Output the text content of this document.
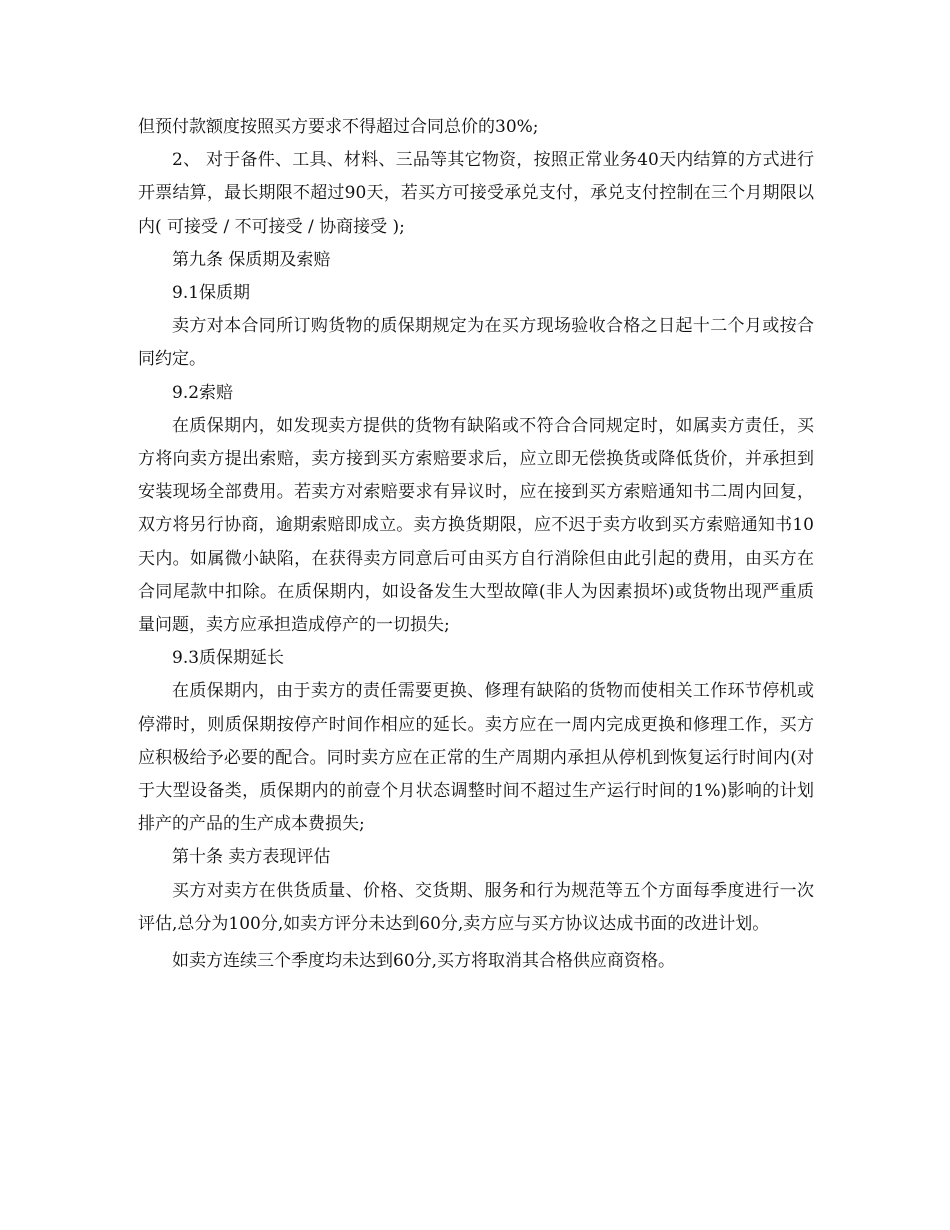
但预付款额度按照买方要求不得超过合同总价的30%;

2、 对于备件、工具、材料、三品等其它物资，按照正常业务40天内结算的方式进行开票结算，最长期限不超过90天，若买方可接受承兑支付，承兑支付控制在三个月期限以内( 可接受 / 不可接受 / 协商接受 );

第九条 保质期及索赔

9.1保质期

卖方对本合同所订购货物的质保期规定为在买方现场验收合格之日起十二个月或按合同约定。

9.2索赔

在质保期内，如发现卖方提供的货物有缺陷或不符合合同规定时，如属卖方责任，买方将向卖方提出索赔，卖方接到买方索赔要求后，应立即无偿换货或降低货价，并承担到安装现场全部费用。若卖方对索赔要求有异议时，应在接到买方索赔通知书二周内回复，双方将另行协商，逾期索赔即成立。卖方换货期限，应不迟于卖方收到买方索赔通知书10天内。如属微小缺陷，在获得卖方同意后可由买方自行消除但由此引起的费用，由买方在合同尾款中扣除。在质保期内，如设备发生大型故障(非人为因素损坏)或货物出现严重质量问题，卖方应承担造成停产的一切损失;

9.3质保期延长

在质保期内，由于卖方的责任需要更换、修理有缺陷的货物而使相关工作环节停机或停滞时，则质保期按停产时间作相应的延长。卖方应在一周内完成更换和修理工作，买方应积极给予必要的配合。同时卖方应在正常的生产周期内承担从停机到恢复运行时间内(对于大型设备类，质保期内的前壹个月状态调整时间不超过生产运行时间的1%)影响的计划排产的产品的生产成本费损失;

第十条 卖方表现评估

买方对卖方在供货质量、价格、交货期、服务和行为规范等五个方面每季度进行一次评估,总分为100分,如卖方评分未达到60分,卖方应与买方协议达成书面的改进计划。

如卖方连续三个季度均未达到60分,买方将取消其合格供应商资格。
